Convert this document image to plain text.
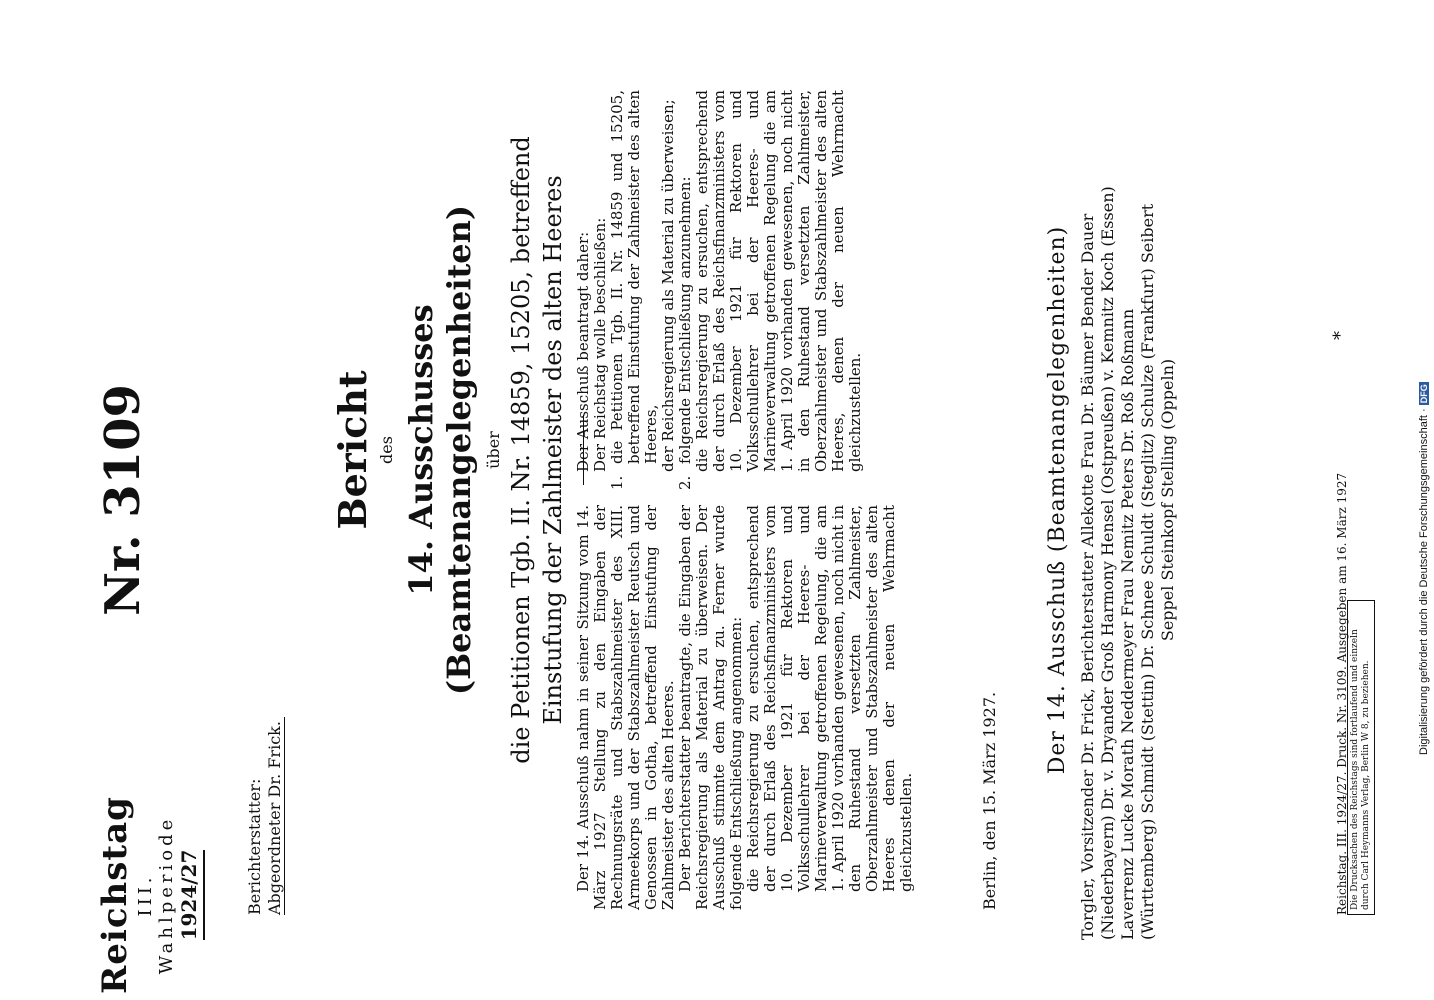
Reichstag III. Wahlperiode 1924/27
Nr. 3109
Berichterstatter: Abgeordneter Dr. Frick.
Bericht des 14. Ausschusses (Beamtenangelegenheiten) über die Petitionen Tgb. II. Nr. 14859, 15205, betreffend Einstufung der Zahlmeister des alten Heeres Der 14. Ausschuß nahm in seiner Sitzung vom 14. März 1927 Stellung zu den Eingaben der Rechnungsräte und Stabszahlmeister des XIII. Armeekorps und der Stabszahlmeister Reutsch und Genossen in Gotha, betreffend Einstufung der Zahlmeister des alten Heeres. Der Berichterstatter beantragte, die Eingaben der Reichsregierung als Material zu überweisen. Der Ausschuß stimmte dem Antrag zu. Ferner wurde folgende Entschließung angenommen: die Reichsregierung zu ersuchen, entsprechend der durch Erlaß des Reichsfinanzministers vom 10. Dezember 1921 für Rektoren und Volksschullehrer bei der Heeres- und Marineverwaltung getroffenen Regelung, die am 1. April 1920 vorhanden gewesenen, noch nicht in den Ruhestand versetzten Zahlmeister, Oberzahlmeister und Stabszahlmeister des alten Heeres denen der neuen Wehrmacht gleichzustellen.

Der Ausschuß beantragt daher: Der Reichstag wolle beschließen:

1.
die Petitionen Tgb. II. Nr. 14859 und 15205, betreffend Einstufung der Zahlmeister des alten Heeres, der Reichsregierung als Material zu überweisen;

2.
folgende Entschließung anzunehmen: die Reichsregierung zu ersuchen, entsprechend der durch Erlaß des Reichsfinanzministers vom 10. Dezember 1921 für Rektoren und Volksschullehrer bei der Heeres- und Marineverwaltung getroffenen Regelung die am 1. April 1920 vorhanden gewesenen, noch nicht in den Ruhestand versetzten Zahlmeister, Oberzahlmeister und Stabszahlmeister des alten Heeres, denen der neuen Wehrmacht gleichzustellen.

Berlin, den 15. März 1927.
Der 14. Ausschuß (Beamtenangelegenheiten) Torgler, Vorsitzender Dr. Frick, Berichterstatter Allekotte Frau Dr. Bäumer Bender Dauer (Niederbayern) Dr. v. Dryander Groß Harmony Hensel (Ostpreußen) v. Kemnitz Koch (Essen) Laverrenz Lucke Morath Neddermeyer Frau Nemitz Peters Dr. Roß Roßmann (Württemberg) Schmidt (Stettin) Dr. Schnee Schuldt (Steglitz) Schulze (Frankfurt) Seibert Seppel Steinkopf Stelling (Oppeln)	Reichstag. III. 1924/27. Druck. Nr. 3109. Ausgegeben am 16. März 1927 Die Drucksachen des Reichstags sind fortlaufend und einzeln durch Carl Heymanns Verlag, Berlin W 8, zu beziehen.
*
Digitalisierung gefördert durch die Deutsche Forschungsgemeinschaft · DFG
